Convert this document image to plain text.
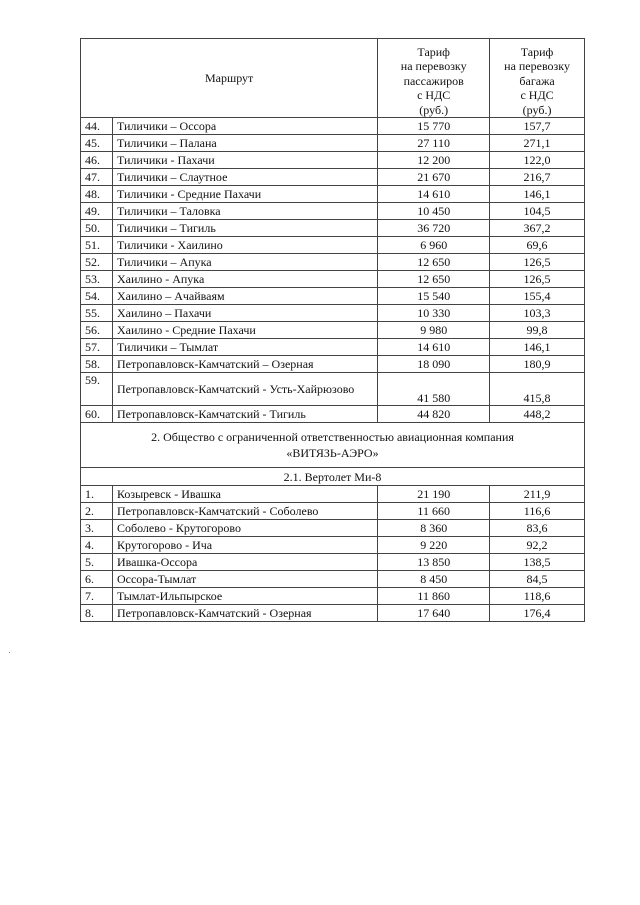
Маршрут	
Тариф
на перевозку
пассажиров
с НДС
(руб.)

Тариф
на перевозку
багажа
с НДС
(руб.)

44.	Тиличики – Оссора	15 770	157,7
45.	Тиличики – Палана	27 110	271,1
46.	Тиличики - Пахачи	12 200	122,0
47.	Тиличики – Слаутное	21 670	216,7
48.	Тиличики - Средние Пахачи	14 610	146,1
49.	Тиличики – Таловка	10 450	104,5
50.	Тиличики – Тигиль	36 720	367,2
51.	Тиличики - Хаилино	6 960	69,6
52.	Тиличики – Апука	12 650	126,5
53.	Хаилино - Апука	12 650	126,5
54.	Хаилино – Ачайваям	15 540	155,4
55.	Хаилино – Пахачи	10 330	103,3
56.	Хаилино - Средние Пахачи	9 980	99,8
57.	Тиличики – Тымлат	14 610	146,1
58.	Петропавловск-Камчатский – Озерная	18 090	180,9
59.	Петропавловск-Камчатский - Усть-Хайрюзово	41 580	415,8
60.	Петропавловск-Камчатский - Тигиль	44 820	448,2

2. Общество с ограниченной ответственностью авиационная компания
«ВИТЯЗЬ-АЭРО»			

2.1. Вертолет Ми-8			
1.	Козыревск - Ивашка	21 190	211,9
2.	Петропавловск-Камчатский - Соболево	11 660	116,6
3.	Соболево - Крутогорово	8 360	83,6
4.	Крутогорово - Ича	9 220	92,2
5.	Ивашка-Оссора	13 850	138,5
6.	Оссора-Тымлат	8 450	84,5
7.	Тымлат-Ильпырское	11 860	118,6
8.	Петропавловск-Камчатский - Озерная	17 640	176,4
